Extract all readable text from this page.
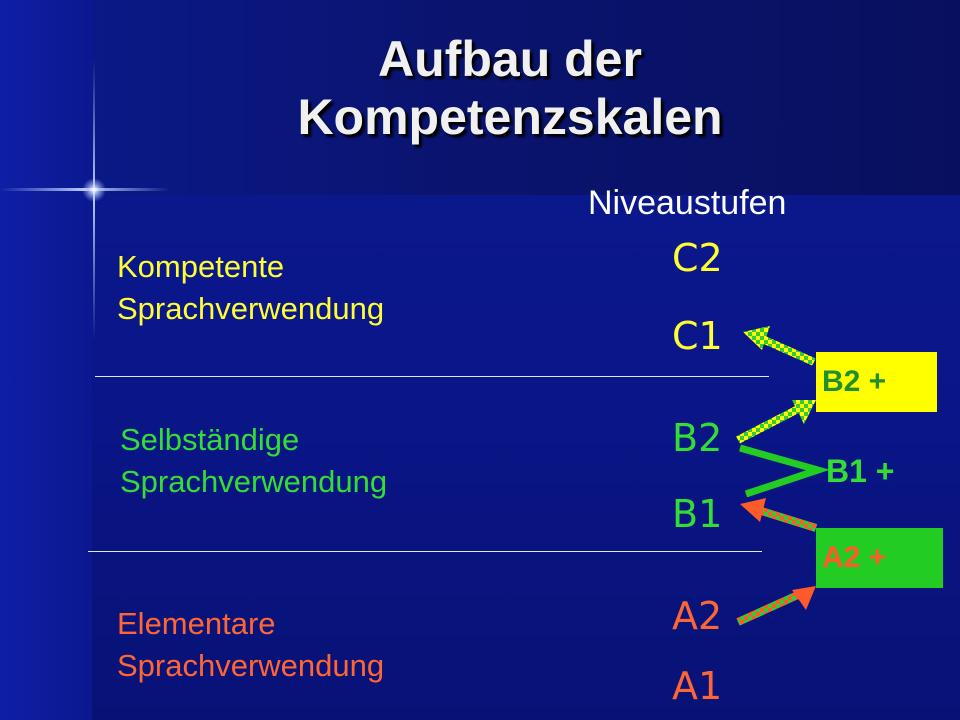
Aufbau der
Kompetenzskalen
Niveaustufen
Kompetente
Sprachverwendung
Selbständige
Sprachverwendung
Elementare
Sprachverwendung
C2
C1
B2
B1
A2
A1
B2 +
B1 +
A2 +
